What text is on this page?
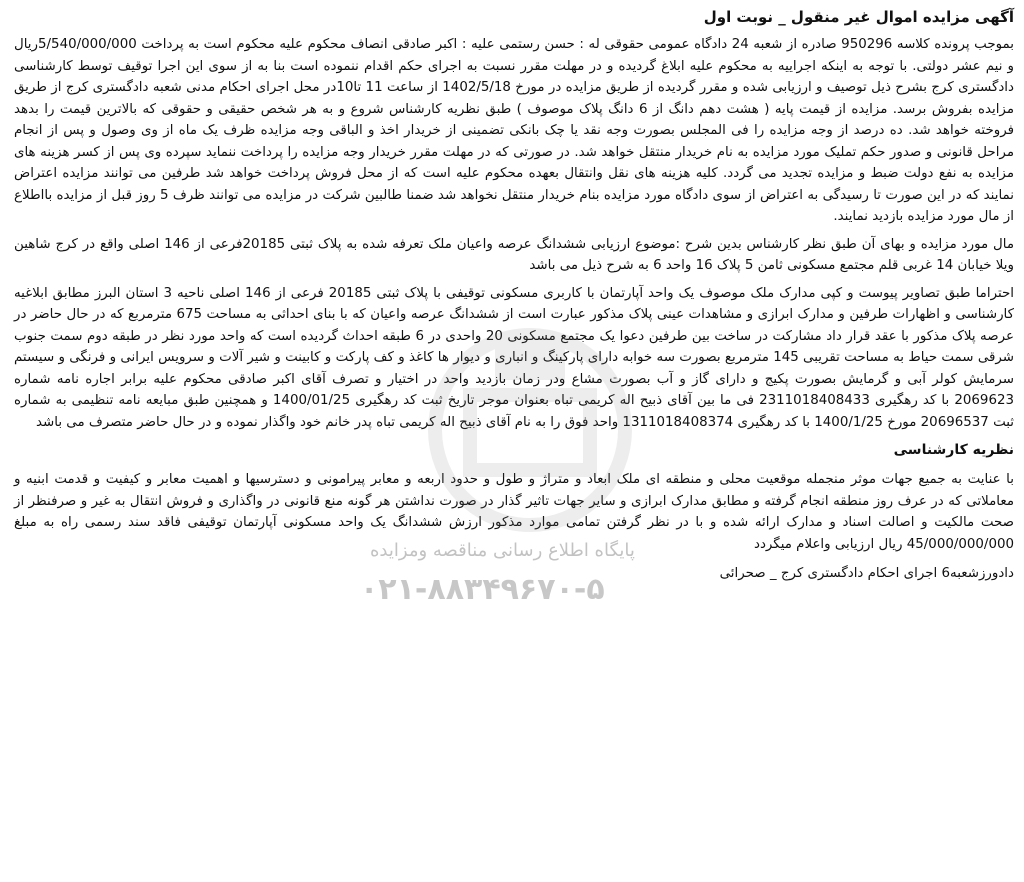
آگهی مزایده اموال غیر منقول _ نوبت اول

بموجب پرونده کلاسه 950296 صادره از شعبه 24 دادگاه عمومی حقوقی له : حسن رستمی علیه : اکبر صادقی انصاف محکوم علیه محکوم است به پرداخت 5/540/000/000ریال و نیم عشر دولتی. با توجه به اینکه اجراییه به محکوم علیه ابلاغ گردیده و در مهلت مقرر نسبت به اجرای حکم اقدام ننموده است بنا به از سوی این اجرا توقیف توسط کارشناسی دادگستری کرج بشرح ذیل توصیف و ارزیابی شده و مقرر گردیده از طریق مزایده در مورخ 1402/5/18 از ساعت 11 تا10در محل اجرای احکام مدنی شعبه دادگستری کرج از طریق مزایده بفروش برسد. مزایده از قیمت پایه ( هشت دهم دانگ از 6 دانگ پلاک موصوف ) طبق نظریه کارشناس شروع و به هر شخص حقیقی و حقوقی که بالاترین قیمت را بدهد فروخته خواهد شد. ده درصد از وجه مزایده را فی المجلس بصورت وجه نقد یا چک بانکی تضمینی از خریدار اخذ و الباقی وجه مزایده ظرف یک ماه از وی وصول و پس از انجام مراحل قانونی و صدور حکم تملیک مورد مزایده به نام خریدار منتقل خواهد شد. در صورتی که در مهلت مقرر خریدار وجه مزایده را پرداخت ننماید سپرده وی پس از کسر هزینه های مزایده به نفع دولت ضبط و مزایده تجدید می گردد. کلیه هزینه های نقل وانتقال بعهده محکوم علیه است که از محل فروش پرداخت خواهد شد طرفین می توانند مزایده اعتراض نمایند که در این صورت تا رسیدگی به اعتراض از سوی دادگاه مورد مزایده بنام خریدار منتقل نخواهد شد ضمنا طالبین شرکت در مزایده می توانند ظرف 5 روز قبل از مزایده بااطلاع از مال مورد مزایده بازدید نمایند.

مال مورد مزایده و بهای آن طبق نظر کارشناس بدین شرح :موضوع ارزیابی ششدانگ عرصه واعیان ملک تعرفه شده به پلاک ثبتی 20185فرعی از 146 اصلی واقع در کرج شاهین ویلا خیابان 14 غربی قلم مجتمع مسکونی ثامن 5 پلاک 16 واحد 6 به شرح ذیل می باشد

احتراما طبق تصاویر پیوست و کپی مدارک ملک موصوف یک واحد آپارتمان با کاربری مسکونی توقیفی با پلاک ثبتی 20185 فرعی از 146 اصلی ناحیه 3 استان البرز مطابق ابلاغیه کارشناسی و اظهارات طرفین و مدارک ابرازی و مشاهدات عینی پلاک مذکور عبارت است از ششدانگ عرصه واعیان که با بنای احداثی به مساحت 675 مترمربع که در حال حاضر در عرصه پلاک مذکور با عقد قرار داد مشارکت در ساخت بین طرفین دعوا یک مجتمع مسکونی 20 واحدی در 6 طبقه احداث گردیده است که واحد مورد نظر در طبقه دوم سمت جنوب شرقی سمت حیاط به مساحت تقریبی 145 مترمربع بصورت سه خوابه دارای پارکینگ و انباری و دیوار ها کاغذ و کف پارکت و کابینت و شیر آلات و سرویس ایرانی و فرنگی و سیستم سرمایش کولر آبی و گرمایش بصورت پکیج و دارای گاز و آب بصورت مشاع ودر زمان بازدید واحد در اختیار و تصرف آقای اکبر صادقی محکوم علیه برابر اجاره نامه شماره 2069623 با کد رهگیری 2311018408433 فی ما بین آقای ذبیح اله کریمی تباه بعنوان موجر تاریخ ثبت کد رهگیری 1400/01/25 و همچنین طبق مبایعه نامه تنظیمی به شماره ثبت 20696537 مورخ 1400/1/25 با کد رهگیری 1311018408374 واحد فوق را به نام آقای ذبیح اله کریمی تباه پدر خانم خود واگذار نموده و در حال حاضر متصرف می باشد

نظریه کارشناسی

با عنایت به جمیع جهات موثر منجمله موقعیت محلی و منطقه ای ملک ابعاد و متراژ و طول و حدود اربعه و معابر پیرامونی و دسترسیها و اهمیت معابر و کیفیت و قدمت ابنیه و معاملاتی که در عرف روز منطقه انجام گرفته و مطابق مدارک ابرازی و سایر جهات تاثیر گذار در صورت نداشتن هر گونه منع قانونی در واگذاری و فروش انتقال به غیر و صرفنظر از صحت مالکیت و اصالت اسناد و مدارک ارائه شده و با در نظر گرفتن تمامی موارد مذکور ارزش ششدانگ یک واحد مسکونی آپارتمان توقیفی فاقد سند رسمی راه به مبلغ 45/000/000/000 ریال ارزیابی واعلام میگردد

دادورزشعبه6 اجرای احکام دادگستری کرج _ صحرائی
پایگاه اطلاع رسانی مناقصه ومزایده
۰۲۱-۸۸۳۴۹۶۷۰-۵
